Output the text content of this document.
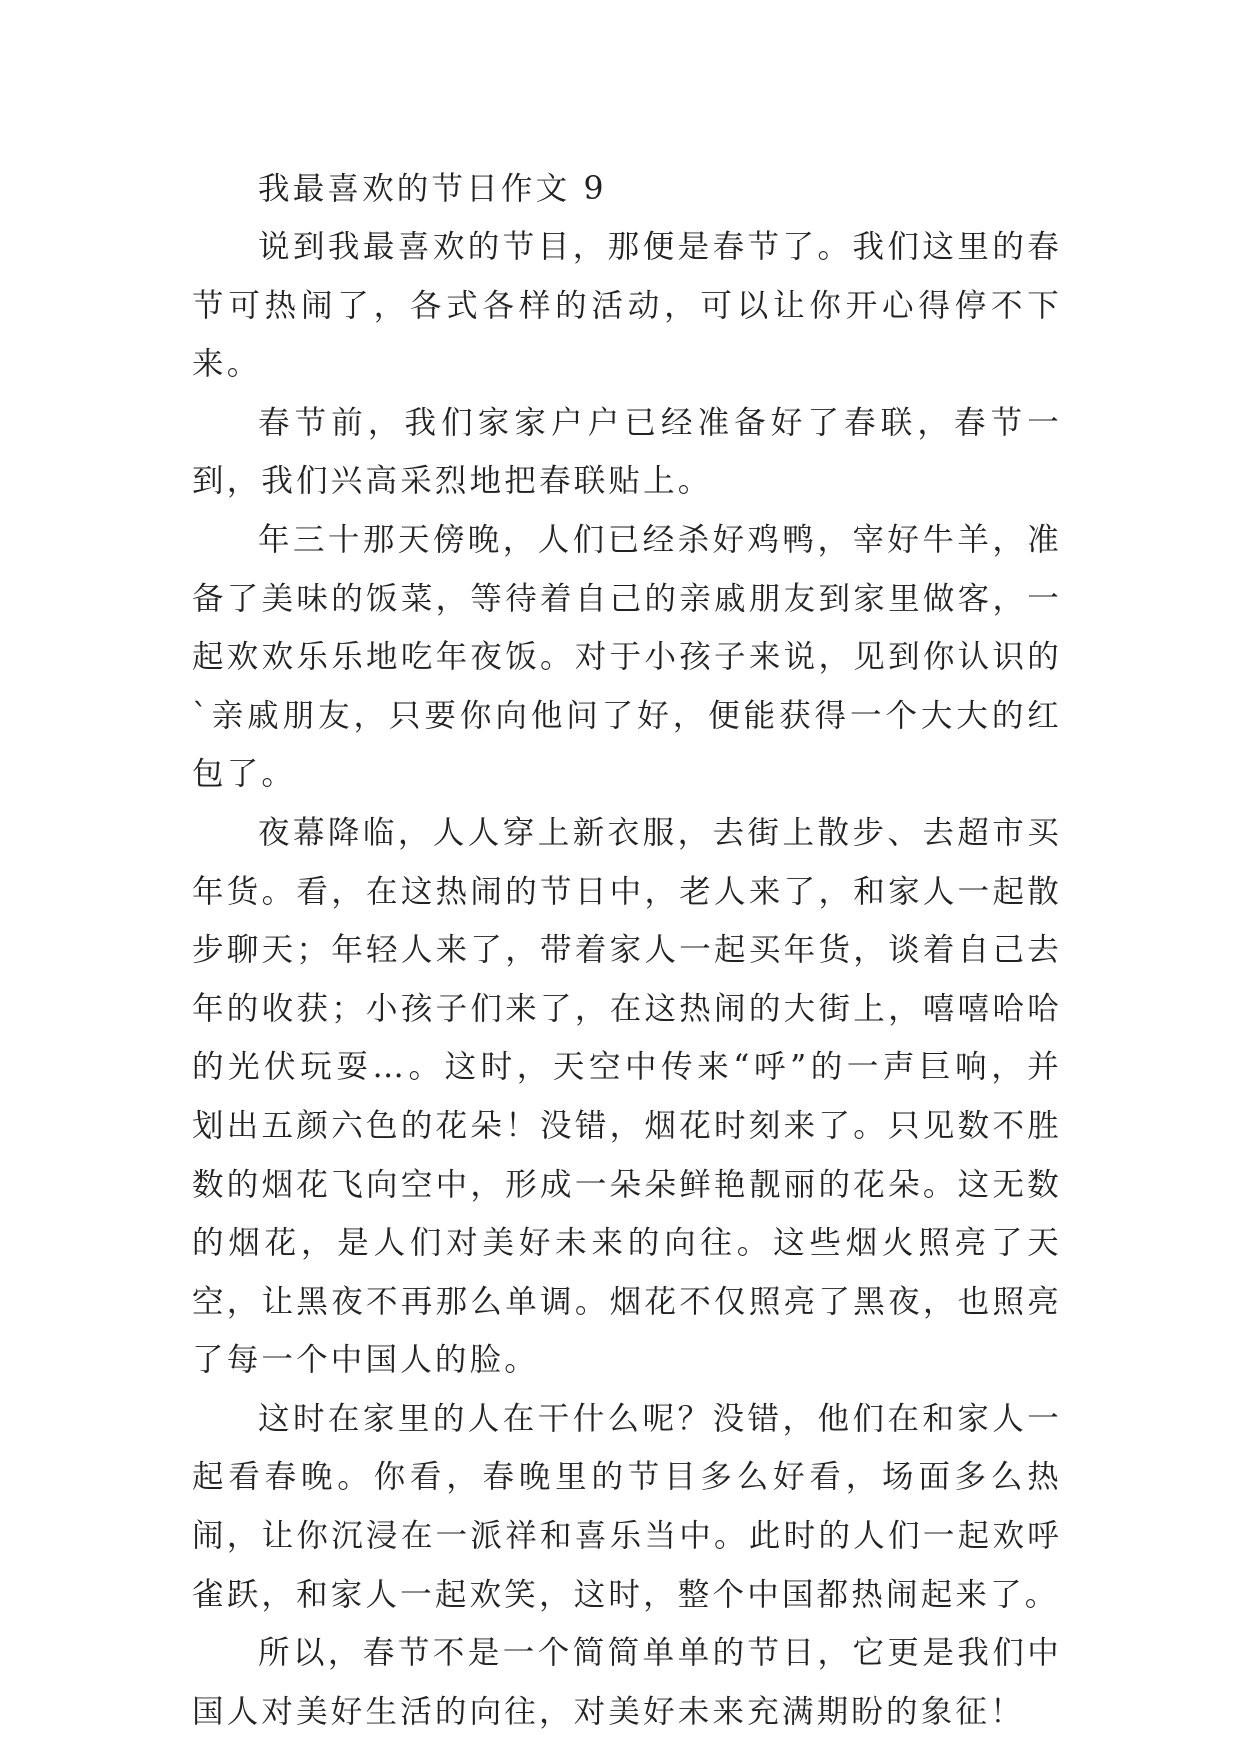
我最喜欢的节日作文 9

说到我最喜欢的节目，那便是春节了。我们这里的春节可热闹了，各式各样的活动，可以让你开心得停不下来。

春节前，我们家家户户已经准备好了春联，春节一到，我们兴高采烈地把春联贴上。

年三十那天傍晚，人们已经杀好鸡鸭，宰好牛羊，准备了美味的饭菜，等待着自己的亲戚朋友到家里做客，一起欢欢乐乐地吃年夜饭。对于小孩子来说，见到你认识的`亲戚朋友，只要你向他问了好，便能获得一个大大的红包了。

夜幕降临，人人穿上新衣服，去街上散步、去超市买年货。看，在这热闹的节日中，老人来了，和家人一起散步聊天；年轻人来了，带着家人一起买年货，谈着自己去年的收获；小孩子们来了，在这热闹的大街上，嘻嘻哈哈的光伏玩耍…。这时，天空中传来“呼”的一声巨响，并划出五颜六色的花朵！没错，烟花时刻来了。只见数不胜数的烟花飞向空中，形成一朵朵鲜艳靓丽的花朵。这无数的烟花，是人们对美好未来的向往。这些烟火照亮了天空，让黑夜不再那么单调。烟花不仅照亮了黑夜，也照亮了每一个中国人的脸。

这时在家里的人在干什么呢？没错，他们在和家人一起看春晚。你看，春晚里的节目多么好看，场面多么热闹，让你沉浸在一派祥和喜乐当中。此时的人们一起欢呼雀跃，和家人一起欢笑，这时，整个中国都热闹起来了。

所以，春节不是一个简简单单的节日，它更是我们中国人对美好生活的向往，对美好未来充满期盼的象征！
